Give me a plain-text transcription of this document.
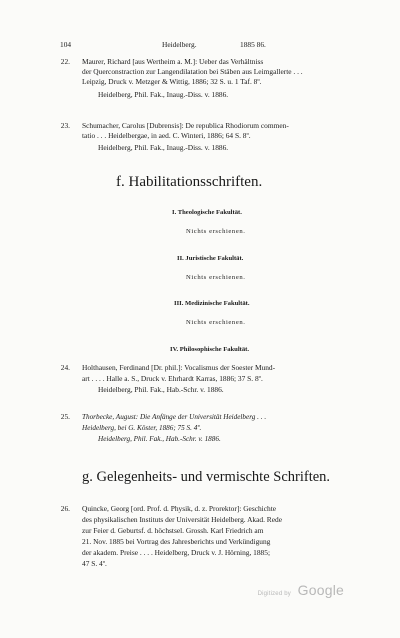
104	Heidelberg.	1885 86.
22. Maurer, Richard [aus Wertheim a. M.]: Ueber das Verhältniss
der Querconstraction zur Langendilatation bei Stäben aus Leimgallerte . . .
Leipzig, Druck v. Metzger & Wittig, 1886; 32 S. u. 1 Taf. 8º.
Heidelberg, Phil. Fak., Inaug.-Diss. v. 1886.
23. Schumacher, Carolus [Dubrensis]: De republica Rhodiorum commen-
tatio . . . Heidelbergae, in aed. C. Winteri, 1886; 64 S. 8º.
Heidelberg, Phil. Fak., Inaug.-Diss. v. 1886.
f. Habilitationsschriften.
I. Theologische Fakultät.
Nichts erschienen.
II. Juristische Fakultät.
Nichts erschienen.
III. Medizinische Fakultät.
Nichts erschienen.
IV. Philosophische Fakultät.
24. Holthausen, Ferdinand [Dr. phil.]: Vocalismus der Soester Mund-
art . . . . Halle a. S., Druck v. Ehrhardt Karras, 1886; 37 S. 8º.
Heidelberg, Phil. Fak., Hab.-Schr. v. 1886.
25. Thorbecke, August: Die Anfänge der Universität Heidelberg . . .
Heidelberg, bei G. Köster, 1886; 75 S. 4º.
Heidelberg, Phil. Fak., Hab.-Schr. v. 1886.
g. Gelegenheits- und vermischte Schriften.
26. Quincke, Georg [ord. Prof. d. Physik, d. z. Prorektor]: Geschichte
des physikalischen Instituts der Universität Heidelberg. Akad. Rede
zur Feier d. Geburtsf. d. höchstsel. Grossh. Karl Friedrich am
21. Nov. 1885 bei Vortrag des Jahresberichts und Verkündigung
der akadem. Preise . . . . Heidelberg, Druck v. J. Hörning, 1885;
47 S. 4º.
Digitized by Google
